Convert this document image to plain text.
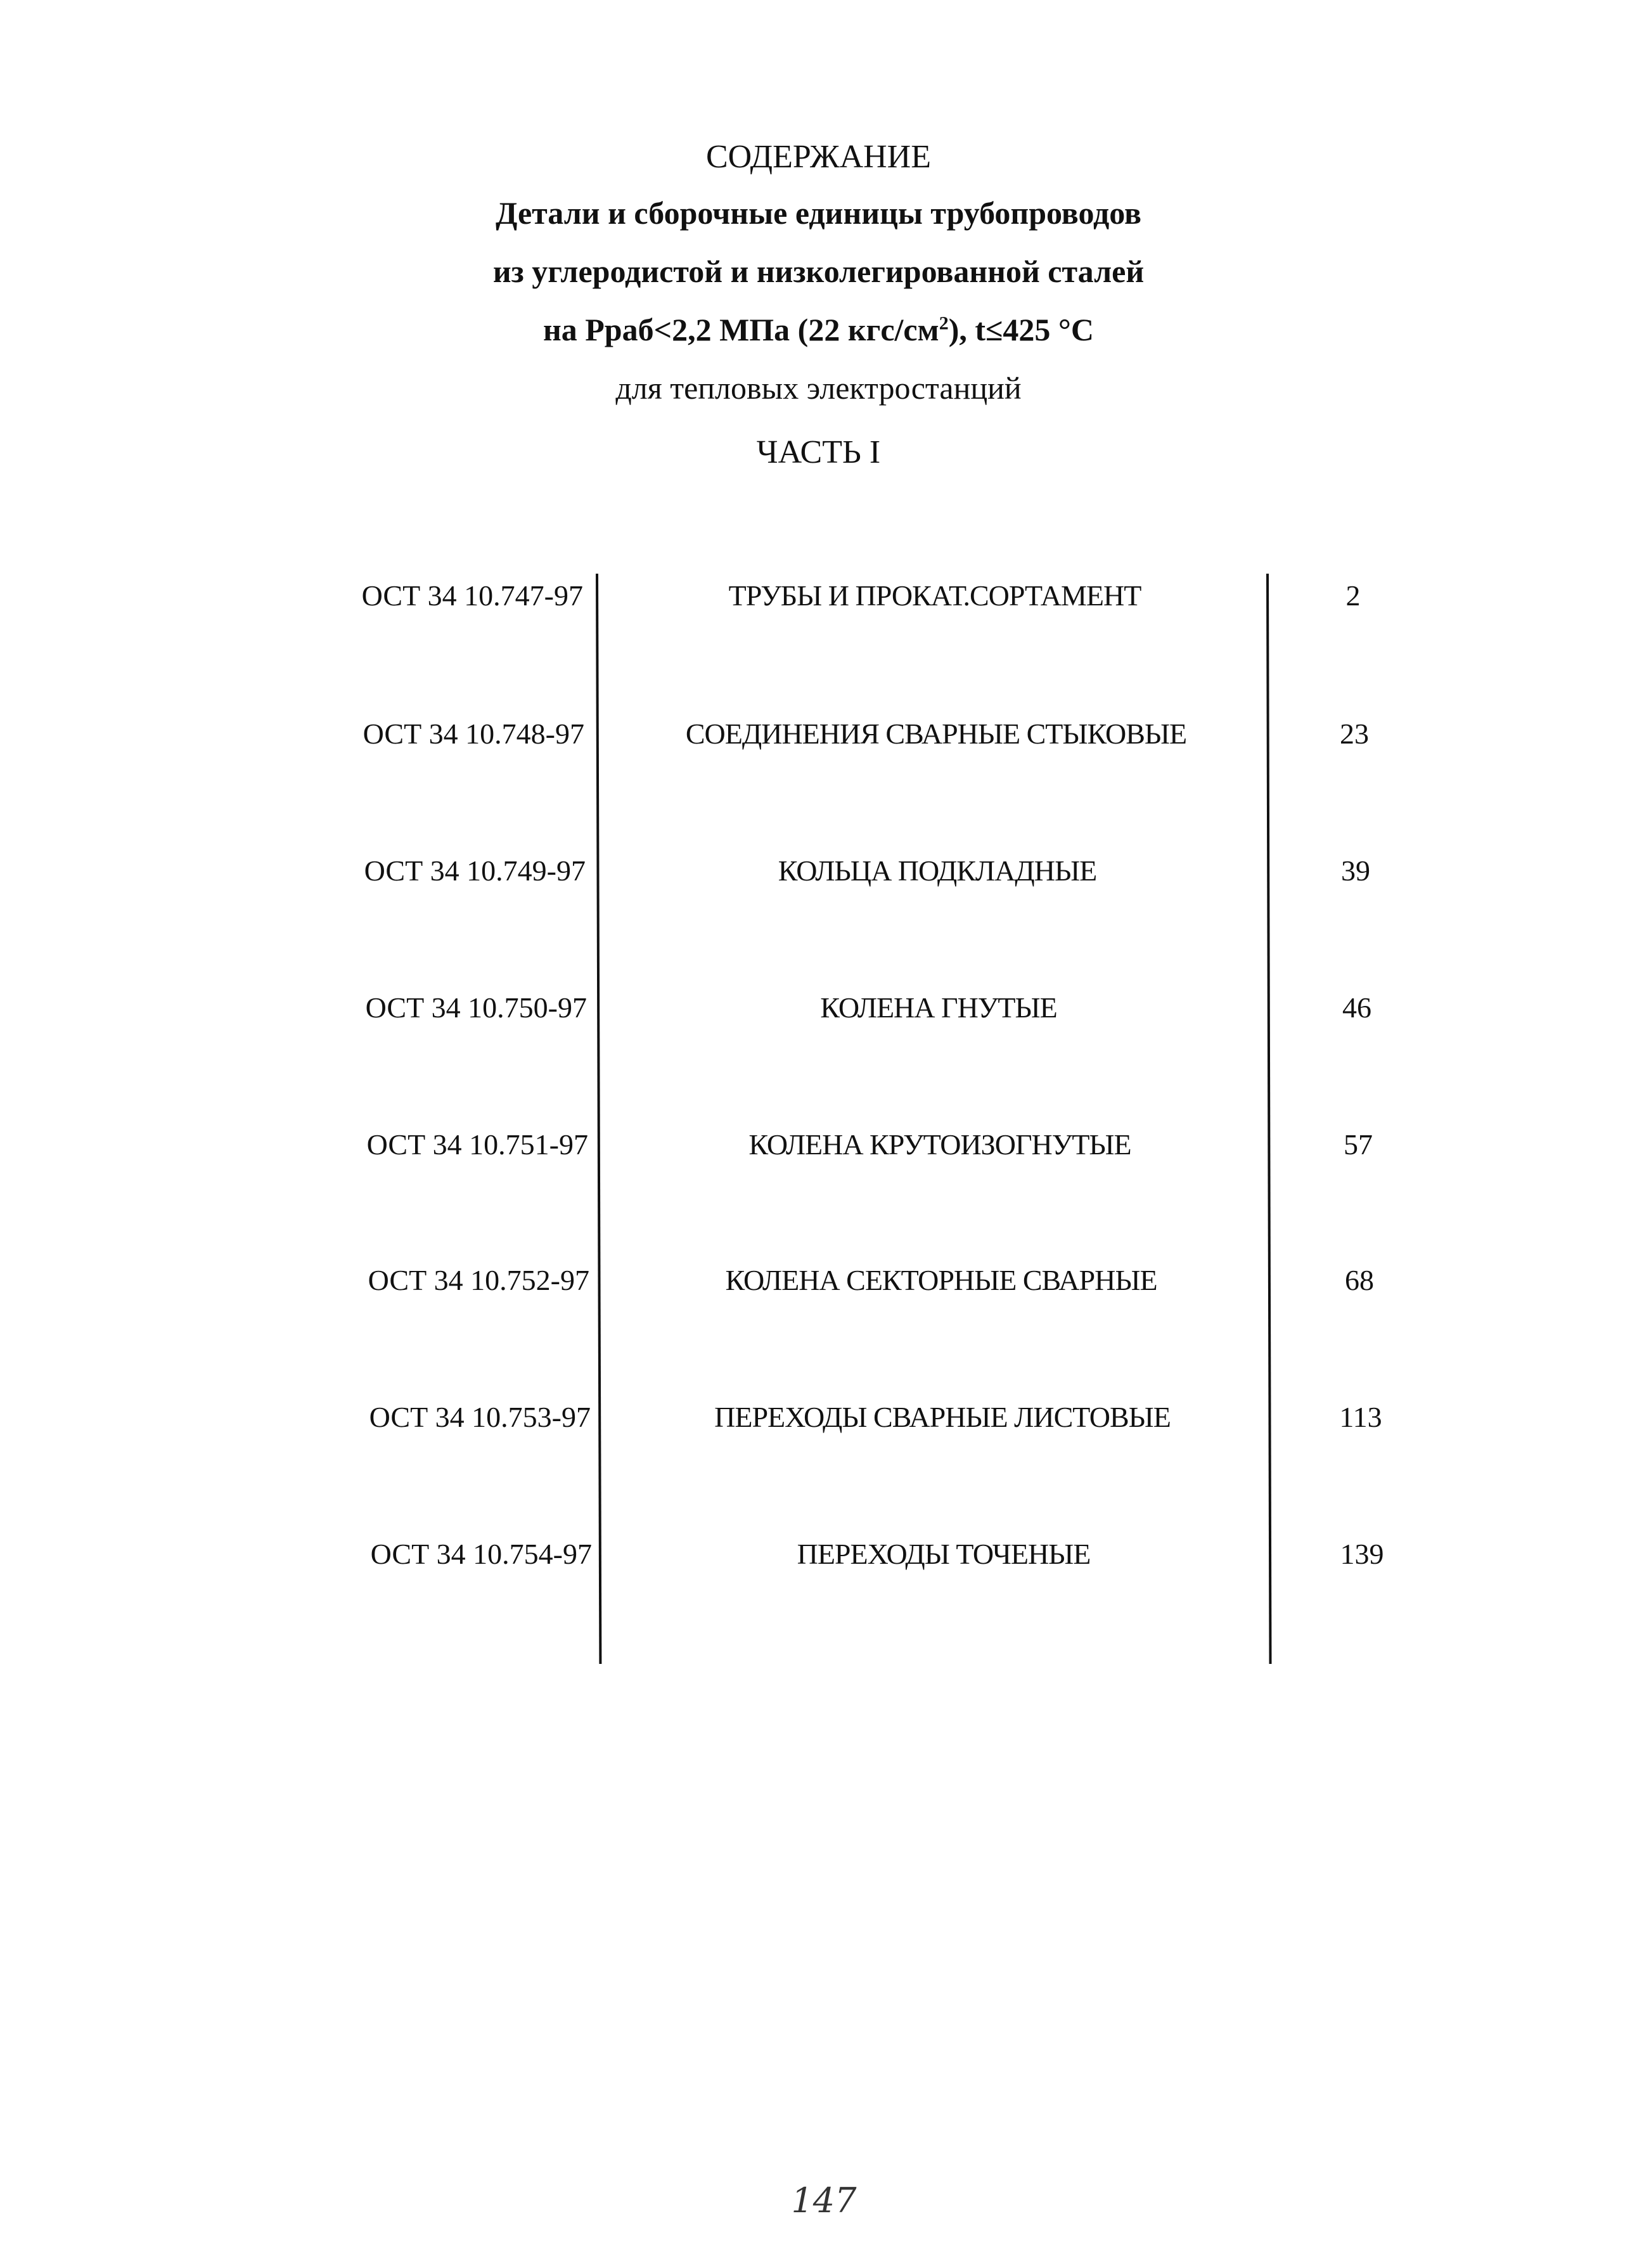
СОДЕРЖАНИЕ
Детали и сборочные единицы трубопроводов
из углеродистой и низколегированной сталей
на Рраб<2,2 МПа (22 кгс/$см^2$), t≤425 °С
для тепловых электростанций
ЧАСТЬ I
ОСТ 34 10.747-97	ТРУБЫ И ПРОКАТ.СОРТАМЕНТ	2
ОСТ 34 10.748-97	СОЕДИНЕНИЯ СВАРНЫЕ СТЫКОВЫЕ	23
ОСТ 34 10.749-97	КОЛЬЦА ПОДКЛАДНЫЕ	39
ОСТ 34 10.750-97	КОЛЕНА ГНУТЫЕ	46
ОСТ 34 10.751-97	КОЛЕНА КРУТОИЗОГНУТЫЕ	57
ОСТ 34 10.752-97	КОЛЕНА СЕКТОРНЫЕ СВАРНЫЕ	68
ОСТ 34 10.753-97	ПЕРЕХОДЫ СВАРНЫЕ ЛИСТОВЫЕ	113
ОСТ 34 10.754-97	ПЕРЕХОДЫ ТОЧЕНЫЕ	139
147
